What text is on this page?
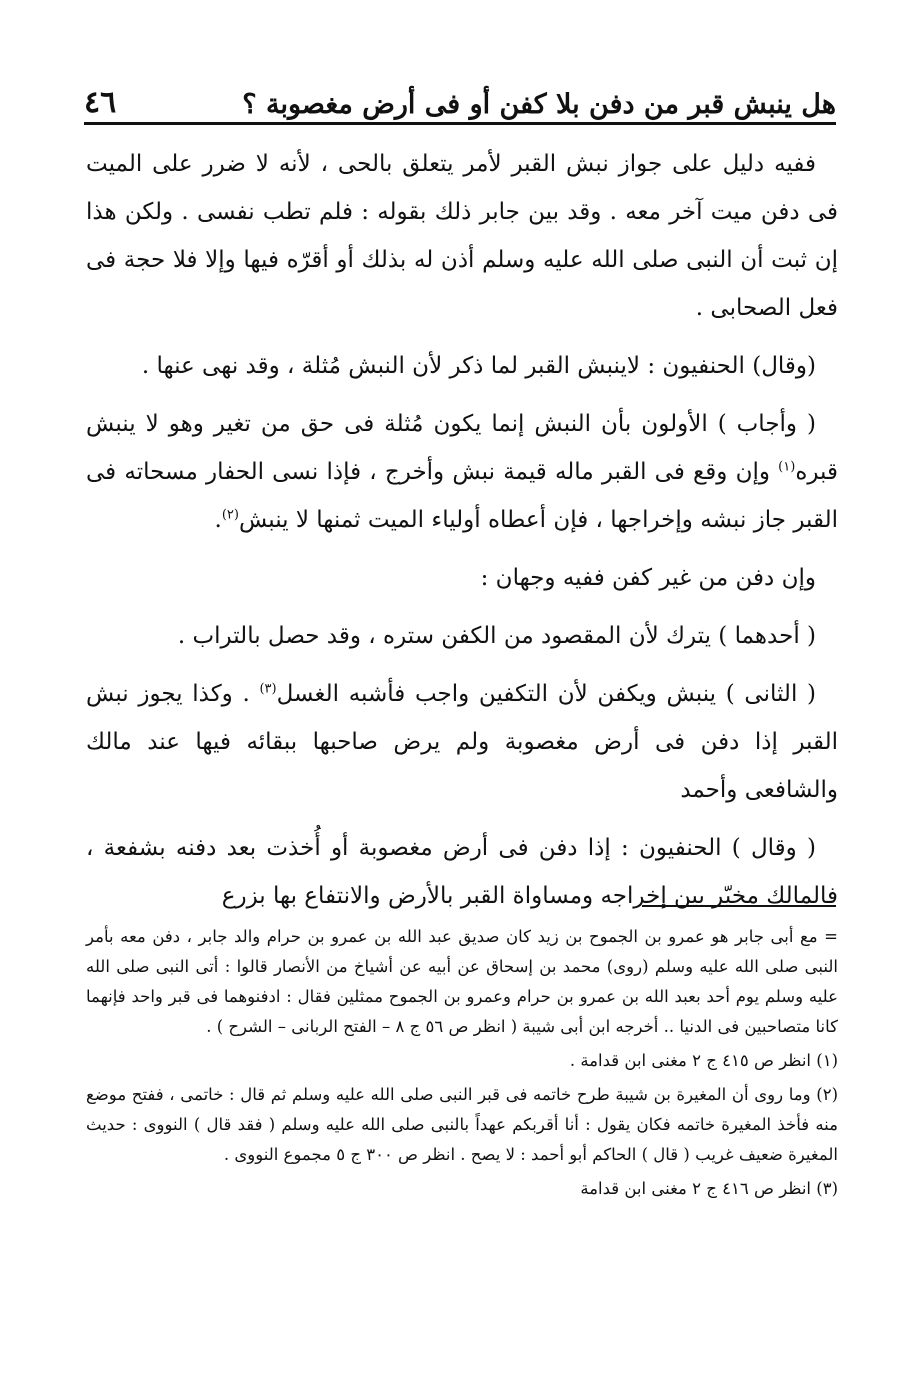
هل ينبش قبر من دفن بلا كفن أو فى أرض مغصوبة ؟
٤٦

ففيه دليل على جواز نبش القبر لأمر يتعلق بالحى ، لأنه لا ضرر على الميت فى دفن ميت آخر معه . وقد بين جابر ذلك بقوله : فلم تطب نفسى . ولكن هذا إن ثبت أن النبى صلى الله عليه وسلم أذن له بذلك أو أقرّه فيها وإلا فلا حجة فى فعل الصحابى .

(وقال) الحنفيون : لاينبش القبر لما ذكر لأن النبش مُثلة ، وقد نهى عنها .

( وأجاب ) الأولون بأن النبش إنما يكون مُثلة فى حق من تغير وهو لا ينبش قبره$^{(١)}$ وإن وقع فى القبر ماله قيمة نبش وأخرج ، فإذا نسى الحفار مسحاته فى القبر جاز نبشه وإخراجها ، فإن أعطاه أولياء الميت ثمنها لا ينبش$^{(٢)}$.

وإن دفن من غير كفن ففيه وجهان :

( أحدهما ) يترك لأن المقصود من الكفن ستره ، وقد حصل بالتراب .

( الثانى ) ينبش ويكفن لأن التكفين واجب فأشبه الغسل$^{(٣)}$ . وكذا يجوز نبش القبر إذا دفن فى أرض مغصوبة ولم يرض صاحبها ببقائه فيها عند مالك والشافعى وأحمد

( وقال ) الحنفيون : إذا دفن فى أرض مغصوبة أو أُخذت بعد دفنه بشفعة ، فالمالك مخيّر بين إخراجه ومساواة القبر بالأرض والانتفاع بها بزرع

= مع أبى جابر هو عمرو بن الجموح بن زيد كان صديق عبد الله بن عمرو بن حرام والد جابر ، دفن معه بأمر النبى صلى الله عليه وسلم (روى) محمد بن إسحاق عن أبيه عن أشياخ من الأنصار قالوا : أتى النبى صلى الله عليه وسلم يوم أحد بعبد الله بن عمرو بن حرام وعمرو بن الجموح ممثلين فقال : ادفنوهما فى قبر واحد فإنهما كانا متصاحبين فى الدنيا .. أخرجه ابن أبى شيبة ( انظر ص ٥٦ ج ٨ – الفتح الربانى – الشرح ) .

(١) انظر ص ٤١٥ ج ٢ مغنى ابن قدامة .

(٢) وما روى أن المغيرة بن شيبة طرح خاتمه فى قبر النبى صلى الله عليه وسلم ثم قال : خاتمى ، ففتح موضع منه فأخذ المغيرة خاتمه فكان يقول : أنا أقربكم عهداً بالنبى صلى الله عليه وسلم ( فقد قال ) النووى : حديث المغيرة ضعيف غريب ( قال ) الحاكم أبو أحمد : لا يصح . انظر ص ٣٠٠ ج ٥ مجموع النووى .

(٣) انظر ص ٤١٦ ج ٢ مغنى ابن قدامة
